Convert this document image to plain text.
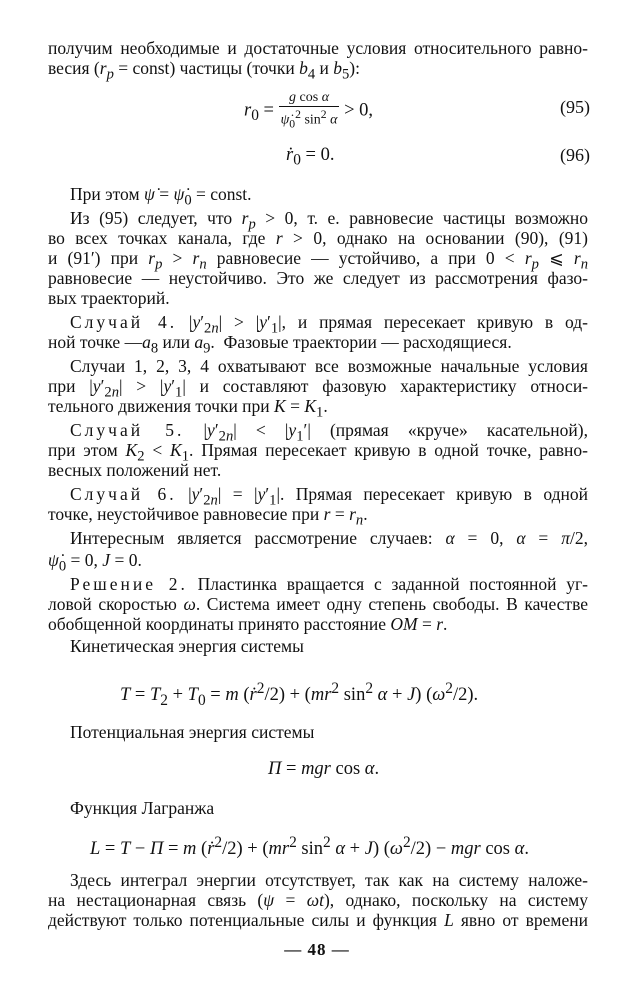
получим необходимые и достаточные условия относительного равно-
весия ($r_p$ = const) частицы (точки $b_4$ и $b_5$):
$r_0 = \frac{\text{g cos α}}{\psi̇_0^2 \sin^2 \alpha} > 0$,	(95)
ṙ$_0$ = 0.	(96)
При этом ψ̇ = $\psi̇_0$ = const.
Из (95) следует, что $r_p > 0$, т. е. равновесие частицы возможно
во всех точках канала, где r > 0, однако на основании (90), (91)
и (91′) при $r_p > r_n$ равновесие — устойчиво, а при $0 < r_p$ ⩽ $r_n$
равновесие — неустойчиво. Это же следует из рассмотрения фазо-
вых траекторий.
Случай 4. $|y'_{2n}| > |y'_1|$, и прямая пересекает кривую в од-
ной точке $—a_8$ или $a_9$.  Фазовые траектории — расходящиеся.
Случаи 1, 2, 3, 4 охватывают все возможные начальные условия
при $|y'_{2n}| > |y'_1|$ и составляют фазовую характеристику относи-
тельного движения точки при $K = K_1$.
Случай 5. $|y'_{2n}| < |y_1'|$ (прямая «круче» касательной),
при этом $K_2 < K_1$. Прямая пересекает кривую в одной точке, равно-
весных положений нет.
Случай 6. $|y'_{2n}| = |y'_1|$. Прямая пересекает кривую в одной
точке, неустойчивое равновесие при $r = r_n$.
Интересным является рассмотрение случаев: α = 0, α = π/2,
$\psi̇_0 = 0$, J = 0.
Решение 2. Пластинка вращается с заданной постоянной уг-
ловой скоростью ω. Система имеет одну степень свободы. В качестве
обобщенной координаты принято расстояние OM = r.
Кинетическая энергия системы
$T = T_2 + T_0 = m$ (ṙ$^2$/2) + ($mr^2$ $\sin^2 \alpha + J$) $(\omega^2/2)$.
Потенциальная энергия системы
П = mgr cos α.
Функция Лагранжа
L = T − П = m (ṙ$^2$/2) + ($mr^2$ $\sin^2 \alpha + J$) $(\omega^2/2)$ − mgr cos α.
Здесь интеграл энергии отсутствует, так как на систему наложе-
на нестационарная связь (ψ = ωt), однако, поскольку на систему
действуют только потенциальные силы и функция L явно от времени
— 48 —
